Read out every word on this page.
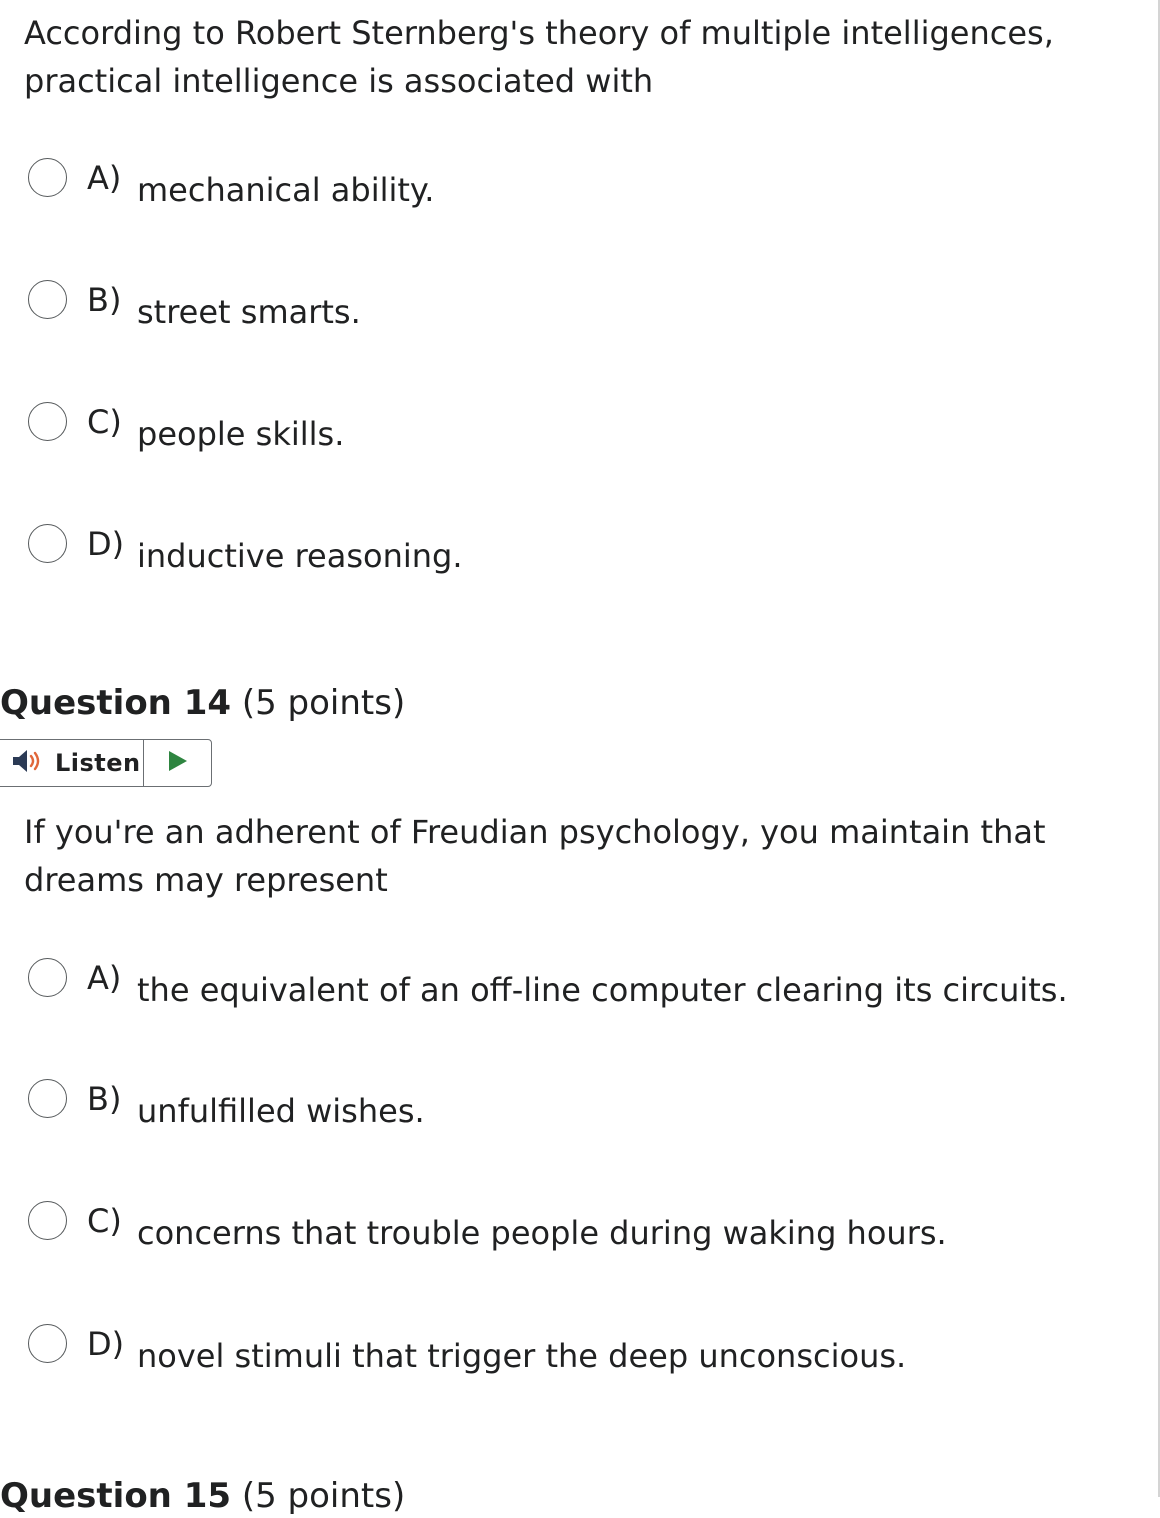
According to Robert Sternberg's theory of multiple intelligences,
practical intelligence is associated with

A) mechanical ability.
B) street smarts.
C) people skills.
D) inductive reasoning.
Question 14 (5 points)
Listen

If you're an adherent of Freudian psychology, you maintain that
dreams may represent

A) the equivalent of an off-line computer clearing its circuits.
B) unfulfilled wishes.
C) concerns that trouble people during waking hours.
D) novel stimuli that trigger the deep unconscious.
Question 15 (5 points)
